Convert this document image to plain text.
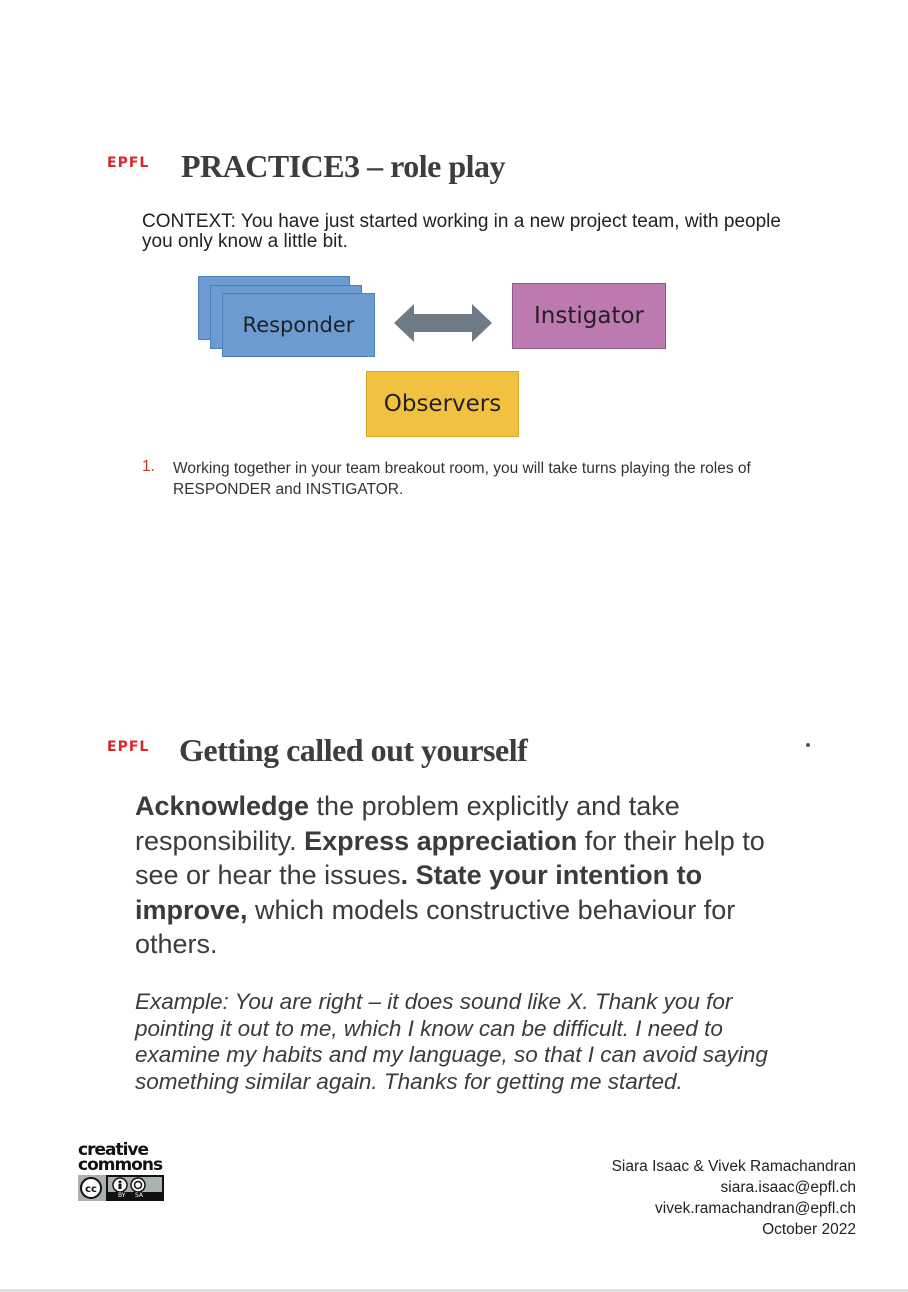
EPFL PRACTICE3 – role play
CONTEXT: You have just started working in a new project team, with people you only know a little bit.
Responder	Instigator
Observers
1. Working together in your team breakout room, you will take turns playing the roles of RESPONDER and INSTIGATOR.
EPFL Getting called out yourself
Acknowledge the problem explicitly and take responsibility. Express appreciation for their help to see or hear the issues. State your intention to improve, which models constructive behaviour for others.
Example: You are right – it does sound like X. Thank you for pointing it out to me, which I know can be difficult. I need to examine my habits and my language, so that I can avoid saying something similar again. Thanks for getting me started.
creative
commons
cc
BY SA
Siara Isaac & Vivek Ramachandran
siara.isaac@epfl.ch
vivek.ramachandran@epfl.ch
October 2022
